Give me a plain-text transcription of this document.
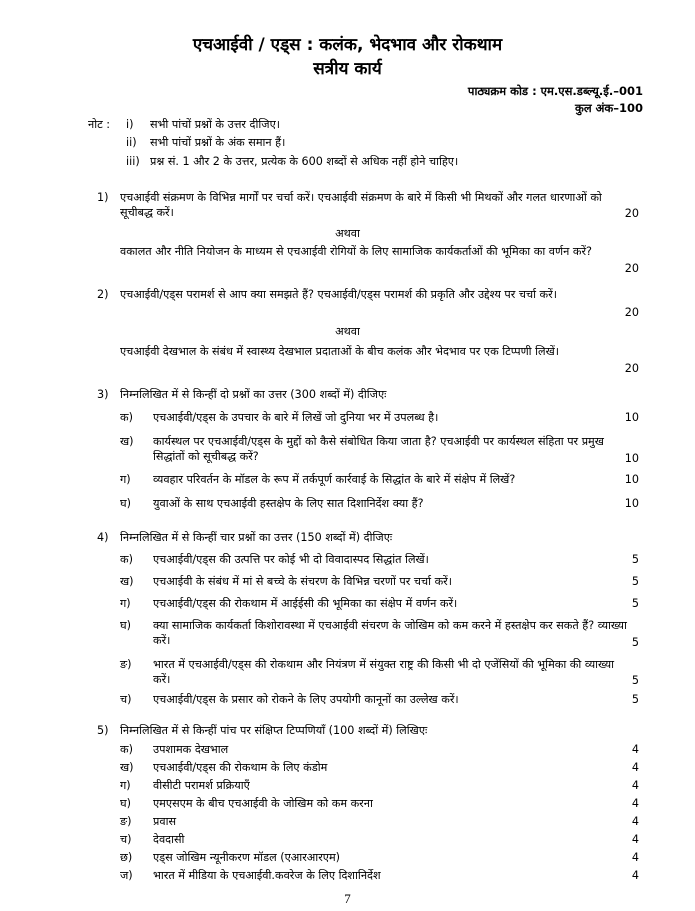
एचआईवी / एड्स : कलंक, भेदभाव और रोकथाम
सत्रीय कार्य
पाठ्यक्रम कोड : एम.एस.डब्ल्यू.ई.–001
कुल अंक–100
नोट : i) सभी पांचों प्रश्नों के उत्तर दीजिए।
ii) सभी पांचों प्रश्नों के अंक समान हैं।
iii) प्रश्न सं. 1 और 2 के उत्तर, प्रत्येक के 600 शब्दों से अधिक नहीं होने चाहिए।
1) एचआईवी संक्रमण के विभिन्न मार्गों पर चर्चा करें। एचआईवी संक्रमण के बारे में किसी भी मिथकों और गलत धारणाओं को सूचीबद्ध करें।	20
अथवा
वकालत और नीति नियोजन के माध्यम से एचआईवी रोगियों के लिए सामाजिक कार्यकर्ताओं की भूमिका का वर्णन करें?
20
2) एचआईवी/एड्स परामर्श से आप क्या समझते हैं? एचआईवी/एड्स परामर्श की प्रकृति और उद्देश्य पर चर्चा करें।
20
अथवा
एचआईवी देखभाल के संबंध में स्वास्थ्य देखभाल प्रदाताओं के बीच कलंक और भेदभाव पर एक टिप्पणी लिखें।
20
3) निम्नलिखित में से किन्हीं दो प्रश्नों का उत्तर (300 शब्दों में) दीजिएः
क) एचआईवी/एड्स के उपचार के बारे में लिखें जो दुनिया भर में उपलब्ध है।	10
ख) कार्यस्थल पर एचआईवी/एड्स के मुद्दों को कैसे संबोधित किया जाता है? एचआईवी पर कार्यस्थल संहिता पर प्रमुख सिद्धांतों को सूचीबद्ध करें?	10
ग) व्यवहार परिवर्तन के मॉडल के रूप में तर्कपूर्ण कार्रवाई के सिद्धांत के बारे में संक्षेप में लिखें?	10
घ) युवाओं के साथ एचआईवी हस्तक्षेप के लिए सात दिशानिर्देश क्या हैं?	10
4) निम्नलिखित में से किन्हीं चार प्रश्नों का उत्तर (150 शब्दों में) दीजिएः
क) एचआईवी/एड्स की उत्पत्ति पर कोई भी दो विवादास्पद सिद्धांत लिखें।	5
ख) एचआईवी के संबंध में मां से बच्चे के संचरण के विभिन्न चरणों पर चर्चा करें।	5
ग) एचआईवी/एड्स की रोकथाम में आईईसी की भूमिका का संक्षेप में वर्णन करें।	5
घ) क्या सामाजिक कार्यकर्ता किशोरावस्था में एचआईवी संचरण के जोखिम को कम करने में हस्तक्षेप कर सकते हैं? व्याख्या करें।	5
ङ) भारत में एचआईवी/एड्स की रोकथाम और नियंत्रण में संयुक्त राष्ट्र की किसी भी दो एजेंसियों की भूमिका की व्याख्या करें।	5
च) एचआईवी/एड्स के प्रसार को रोकने के लिए उपयोगी कानूनों का उल्लेख करें।	5
5) निम्नलिखित में से किन्हीं पांच पर संक्षिप्त टिप्पणियाँ (100 शब्दों में) लिखिएः
क) उपशामक देखभाल	4
ख) एचआईवी/एड्स की रोकथाम के लिए कंडोम	4
ग) वीसीटी परामर्श प्रक्रियाएँ	4
घ) एमएसएम के बीच एचआईवी के जोखिम को कम करना	4
ङ) प्रवास	4
च) देवदासी	4
छ) एड्स जोखिम न्यूनीकरण मॉडल (एआरआरएम)	4
ज) भारत में मीडिया के एचआईवी.कवरेज के लिए दिशानिर्देश	4
7
